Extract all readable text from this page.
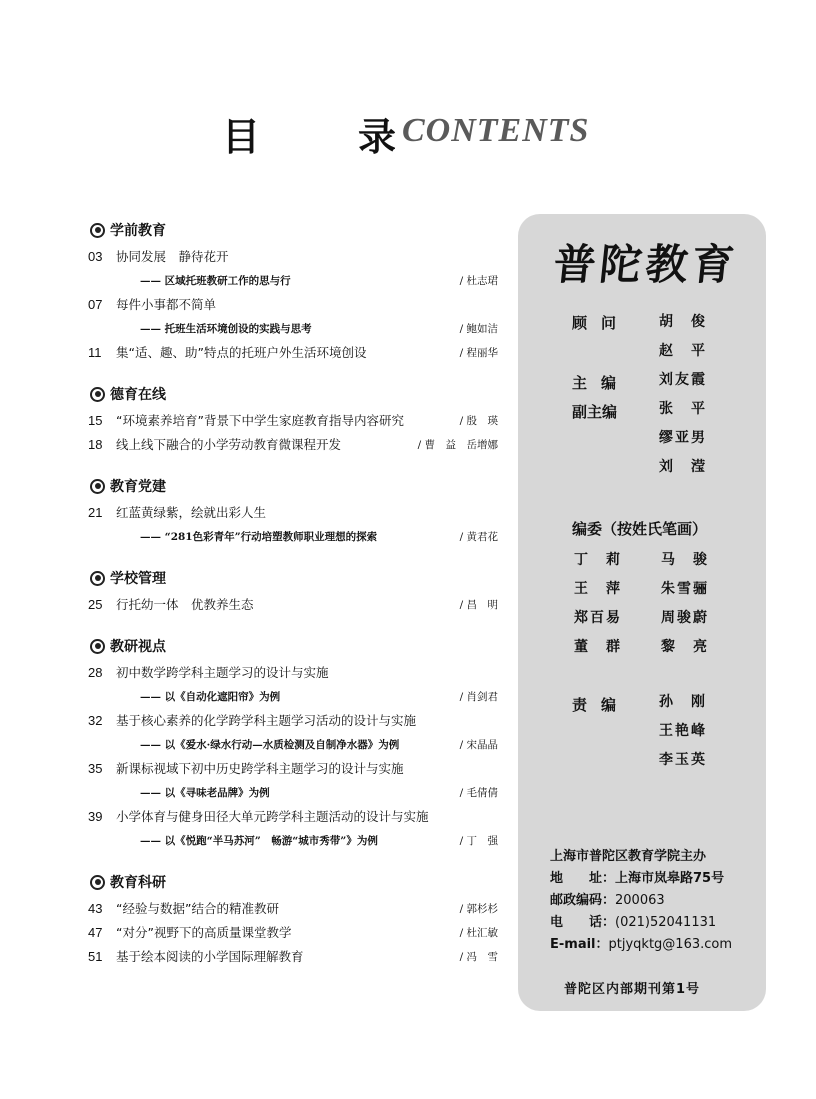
目　录
CONTENTS
学前教育
03	协同发展　静待花开
—— 区域托班教研工作的思与行	/ 杜志珺
07	每件小事都不简单
—— 托班生活环境创设的实践与思考	/ 鲍如洁
11	集“适、趣、助”特点的托班户外生活环境创设	/ 程丽华
德育在线
15	“环境素养培育”背景下中学生家庭教育指导内容研究	/ 殷　瑛
18	线上线下融合的小学劳动教育微课程开发	/ 曹　益　岳增娜
教育党建
21	红蓝黄绿紫，绘就出彩人生
—— “281色彩青年”行动培塑教师职业理想的探索	/ 黄君花
学校管理
25	行托幼一体　优教养生态	/ 昌　明
教研视点
28	初中数学跨学科主题学习的设计与实施
—— 以《自动化遮阳帘》为例	/ 肖剑君
32	基于核心素养的化学跨学科主题学习活动的设计与实施
—— 以《爱水·绿水行动—水质检测及自制净水器》为例	/ 宋晶晶
35	新课标视域下初中历史跨学科主题学习的设计与实施
—— 以《寻味老品牌》为例	/ 毛倩倩
39	小学体育与健身田径大单元跨学科主题活动的设计与实施
—— 以《悦跑“半马苏河”　畅游“城市秀带”》为例	/ 丁　强
教育科研
43	“经验与数据”结合的精准教研	/ 郭杉杉
47	“对分”视野下的高质量课堂教学	/ 杜汇敏
51	基于绘本阅读的小学国际理解教育	/ 冯　雪
普陀教育
顾问 胡　俊
赵　平
主编 刘友霞
副主编	张　平
缪亚男
刘　滢
编委（按姓氏笔画）
丁　莉	马　骏
王　萍	朱雪骊
郑百易	周骏蔚
董　群	黎　亮
责编 孙　刚
王艳峰
李玉英
上海市普陀区教育学院主办
地　　址：上海市岚皋路75号
邮政编码：200063
电　　话：(021)52041131
E-mail：ptjyqktg@163.com
普陀区内部期刊第1号
